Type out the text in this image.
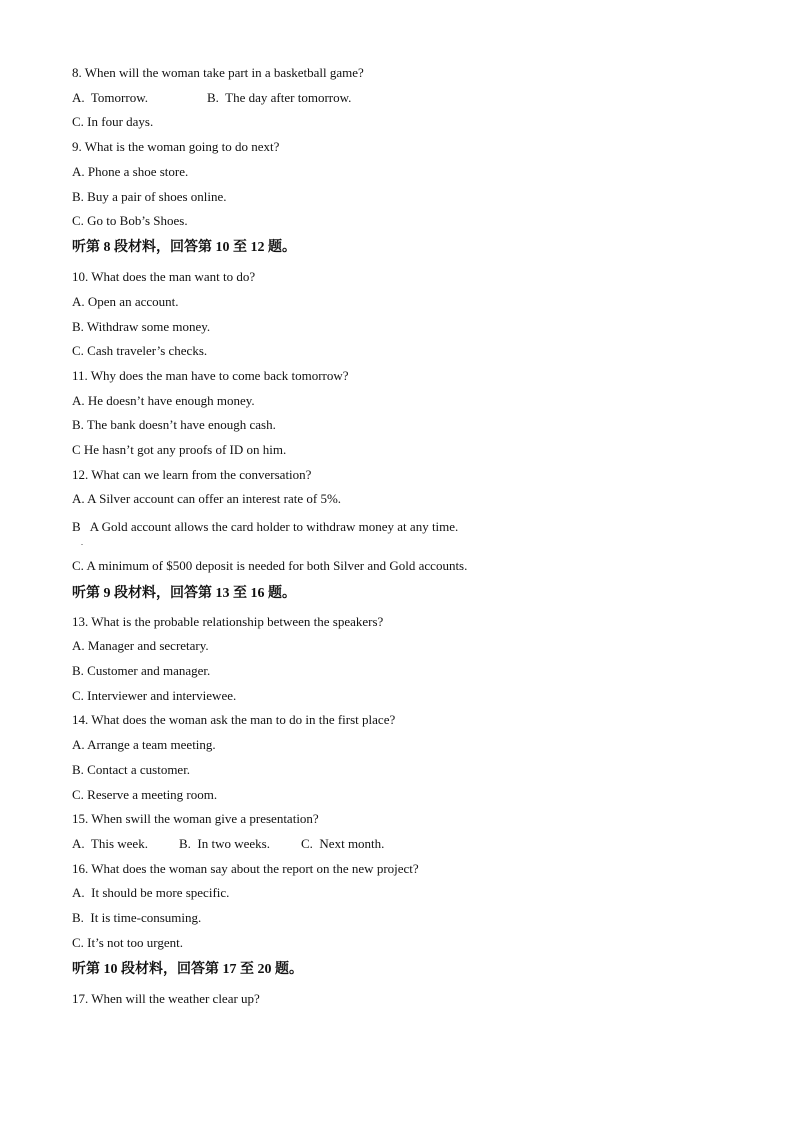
8. When will the woman take part in a basketball game?
A.  Tomorrow.	B.  The day after tomorrow.
C. In four days.
9. What is the woman going to do next?
A. Phone a shoe store.
B. Buy a pair of shoes online.
C. Go to Bob’s Shoes.
听第 8 段材料，回答第 10 至 12 题。
10. What does the man want to do?
A. Open an account.
B. Withdraw some money.
C. Cash traveler’s checks.
11. Why does the man have to come back tomorrow?
A. He doesn’t have enough money.
B. The bank doesn’t have enough cash.
C He hasn’t got any proofs of ID on him.
12. What can we learn from the conversation?
A. A Silver account can offer an interest rate of 5%.
B   A Gold account allows the card holder to withdraw money at any time.
.
C. A minimum of $500 deposit is needed for both Silver and Gold accounts.
听第 9 段材料，回答第 13 至 16 题。
13. What is the probable relationship between the speakers?
A. Manager and secretary.
B. Customer and manager.
C. Interviewer and interviewee.
14. What does the woman ask the man to do in the first place?
A. Arrange a team meeting.
B. Contact a customer.
C. Reserve a meeting room.
15. When swill the woman give a presentation?
A.  This week. B.  In two weeks. C.  Next month.
16. What does the woman say about the report on the new project?
A.  It should be more specific.
B.  It is time-consuming.
C. It’s not too urgent.
听第 10 段材料，回答第 17 至 20 题。
17. When will the weather clear up?
